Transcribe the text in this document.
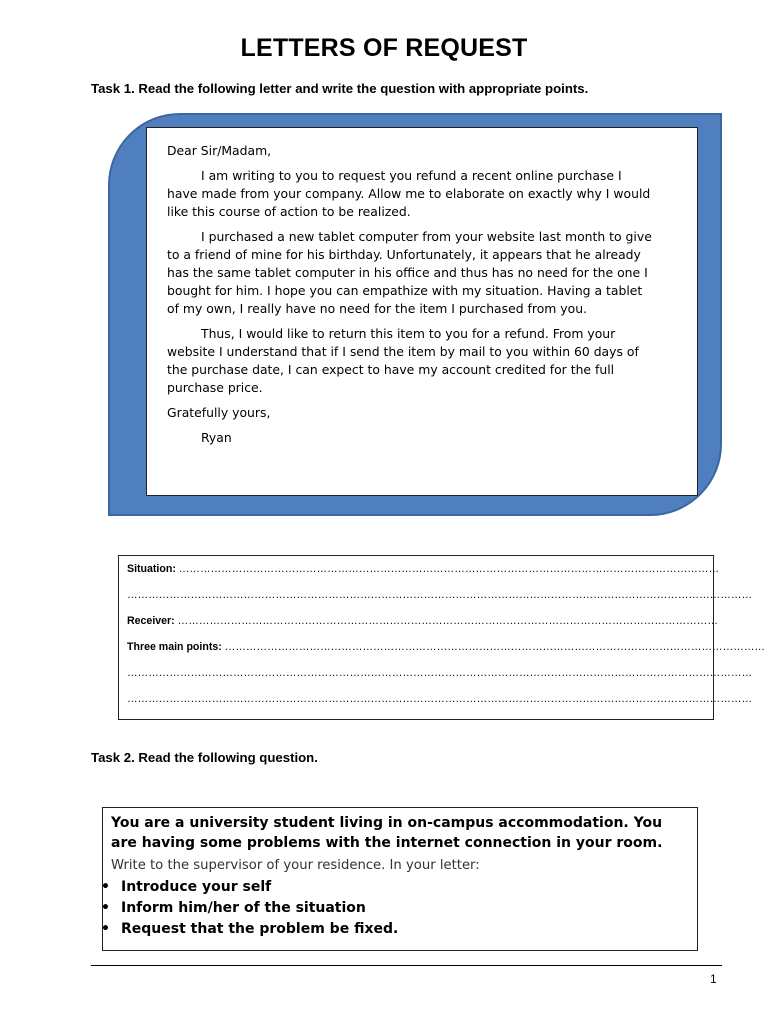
LETTERS OF REQUEST
Task 1. Read the following letter and write the question with appropriate points.

Dear Sir/Madam,

I am writing to you to request you refund a recent online purchase I have made from your company. Allow me to elaborate on exactly why I would like this course of action to be realized.

I purchased a new tablet computer from your website last month to give to a friend of mine for his birthday. Unfortunately, it appears that he already has the same tablet computer in his office and thus has no need for the one I bought for him. I hope you can empathize with my situation. Having a tablet of my own, I really have no need for the item I purchased from you.

Thus, I would like to return this item to you for a refund. From your website I understand that if I send the item by mail to you within 60 days of the purchase date, I can expect to have my account credited for the full purchase price.

Gratefully yours,

Ryan

Situation: ………………………………………………………………………………………………………………………………………
……………………………………………………………………………………………………………………………………………………………
Receiver: ………………………………………………………………………………………………………………………………………
Three main points: ………………………………………………………………………………………………………………………………………
……………………………………………………………………………………………………………………………………………………………
……………………………………………………………………………………………………………………………………………………………
Task 2. Read the following question.

You are a university student living in on-campus accommodation. You are having some problems with the internet connection in your room.

Write to the supervisor of your residence. In your letter:

• Introduce your self
• Inform him/her of the situation
• Request that the problem be fixed.
1
